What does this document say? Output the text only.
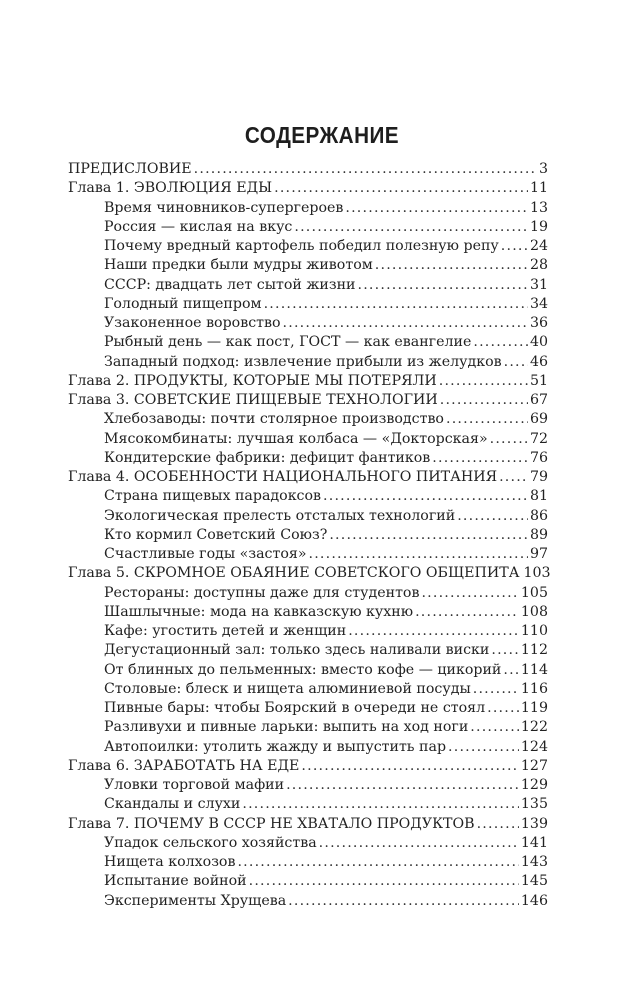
СОДЕРЖАНИЕ
ПРЕДИСЛОВИЕ .....	3
Глава 1. ЭВОЛЮЦИЯ ЕДЫ .....	11
Время чиновников-супергероев .....	13
Россия — кислая на вкус .....	19
Почему вредный картофель победил полезную репу ..... 24
Наши предки были мудры животом .....	28
СССР: двадцать лет сытой жизни .....	31
Голодный пищепром .....	34
Узаконенное воровство .....	36
Рыбный день — как пост, ГОСТ — как евангелие .....	40
Западный подход: извлечение прибыли из желудков ..... 46
Глава 2. ПРОДУКТЫ, КОТОРЫЕ МЫ ПОТЕРЯЛИ .....	51
Глава 3. СОВЕТСКИЕ ПИЩЕВЫЕ ТЕХНОЛОГИИ .....	67
Хлебозаводы: почти столярное производство .....	69
Мясокомбинаты: лучшая колбаса — «Докторская» .....	72
Кондитерские фабрики: дефицит фантиков .....	76
Глава 4. ОСОБЕННОСТИ НАЦИОНАЛЬНОГО ПИТАНИЯ ..... 79
Страна пищевых парадоксов .....	81
Экологическая прелесть отсталых технологий .....	86
Кто кормил Советский Союз? .....	89
Счастливые годы «застоя» .....	97
Глава 5. СКРОМНОЕ ОБАЯНИЕ СОВЕТСКОГО ОБЩЕПИТА 103
Рестораны: доступны даже для студентов .....	105
Шашлычные: мода на кавказскую кухню .....	108
Кафе: угостить детей и женщин .....	110
Дегустационный зал: только здесь наливали виски ..... 112
От блинных до пельменных: вместо кофе — цикорий ..... 114
Столовые: блеск и нищета алюминиевой посуды .....	116
Пивные бары: чтобы Боярский в очереди не стоял .....	119
Разливухи и пивные ларьки: выпить на ход ноги .....	122
Автопоилки: утолить жажду и выпустить пар .....	124
Глава 6. ЗАРАБОТАТЬ НА ЕДЕ .....	127
Уловки торговой мафии .....	129
Скандалы и слухи .....	135
Глава 7. ПОЧЕМУ В СССР НЕ ХВАТАЛО ПРОДУКТОВ .....	139
Упадок сельского хозяйства .....	141
Нищета колхозов .....	143
Испытание войной .....	145
Эксперименты Хрущева .....	146
